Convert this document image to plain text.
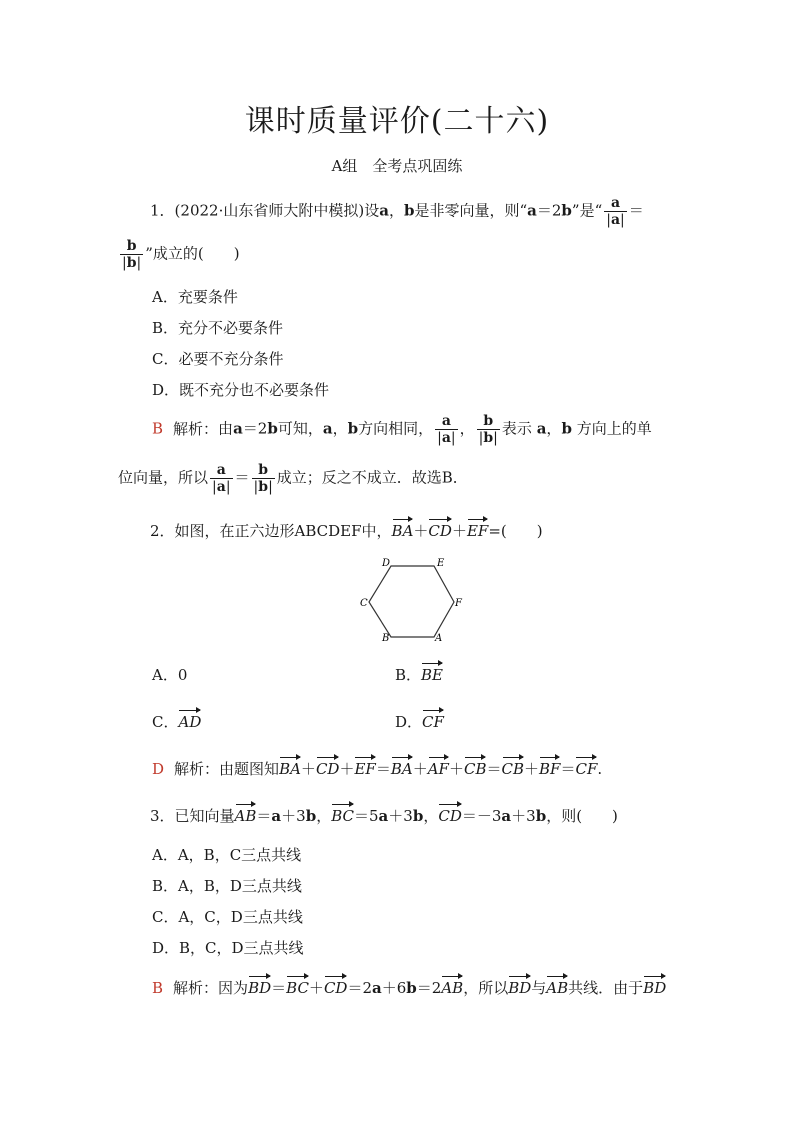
课时质量评价(二十六)
A组　全考点巩固练
1．(2022·山东省师大附中模拟)设a，b是非零向量，则“a＝2b”是“ $\frac{a}{|a|}$ ＝
$\frac{b}{|b|}$ ”成立的(　　)
A．充要条件
B．充分不必要条件
C．必要不充分条件
D．既不充分也不必要条件
B 解析：由a＝2b可知，a，b方向相同， $\frac{a}{|a|}$ ， $\frac{b}{|b|}$ 表示 a，b 方向上的单
位向量，所以 $\frac{a}{|a|} = \frac{b}{|b|}$ 成立；反之不成立．故选B．
2．如图，在正六边形ABCDEF中，BA＋CD＋EF=(　　)
D	E
F
A
B
C
A．0	B．BE
C．AD	D．CF
D 解析：由题图知BA＋CD＋EF＝BA＋AF＋CB＝CB＋BF＝CF.
3．已知向量AB＝a＋3b，BC＝5a＋3b，CD＝－3a＋3b，则(　　)
A．A，B，C三点共线
B．A，B，D三点共线
C．A，C，D三点共线
D．B，C，D三点共线
B 解析：因为BD＝BC＋CD＝2a＋6b＝2AB，所以BD与AB共线．由于BD
